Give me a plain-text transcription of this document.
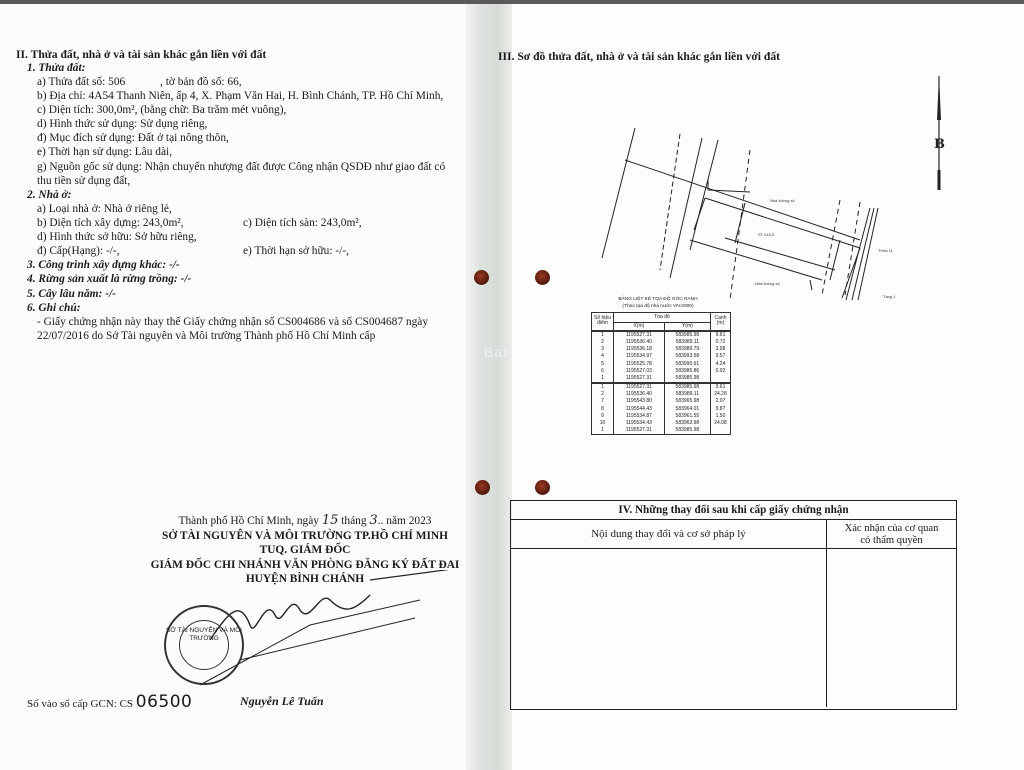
Bat
II. Thửa đất, nhà ở và tài sản khác gắn liền với đất
1. Thửa đất:
a) Thửa đất số: 506	, tờ bản đồ số: 66,
b) Địa chỉ: 4A54 Thanh Niên, ấp 4, X. Phạm Văn Hai, H. Bình Chánh, TP. Hồ Chí Minh,
c) Diện tích: 300,0m², (bằng chữ: Ba trăm mét vuông),
d) Hình thức sử dụng: Sử dụng riêng,
đ) Mục đích sử dụng: Đất ở tại nông thôn,
e) Thời hạn sử dụng: Lâu dài,
g) Nguồn gốc sử dụng: Nhận chuyển nhượng đất được Công nhận QSDĐ như giao đất có
thu tiền sử dụng đất,
2. Nhà ở:
a) Loại nhà ở: Nhà ở riêng lẻ,
b) Diện tích xây dựng: 243,0m²,	c) Diện tích sàn: 243,0m²,
d) Hình thức sở hữu: Sở hữu riêng,
đ) Cấp(Hạng): -/-,	e) Thời hạn sở hữu: -/-,
3. Công trình xây dựng khác: -/-
4. Rừng sản xuất là rừng trồng: -/-
5. Cây lâu năm: -/-
6. Ghi chú:
- Giấy chứng nhận này thay thế Giấy chứng nhận số CS004686 và số CS004687 ngày
22/07/2016 do Sở Tài nguyên và Môi trường Thành phố Hồ Chí Minh cấp
Thành phố Hồ Chí Minh, ngày 15 tháng 3.. năm 2023
SỞ TÀI NGUYÊN VÀ MÔI TRƯỜNG TP.HỒ CHÍ MINH
TUQ. GIÁM ĐỐC
GIÁM ĐỐC CHI NHÁNH VĂN PHÒNG ĐĂNG KÝ ĐẤT ĐAI
HUYỆN BÌNH CHÁNH
SỞ TÀI NGUYÊN VÀ MÔI TRƯỜNG
Số vào sổ cấp GCN: CS 06500	Nguyễn Lê Tuấn
III. Sơ đồ thửa đất, nhà ở và tài sản khác gắn liền với đất
B
Nhà không số
Nhà không số
Thửa 11
Tầng 1
ST 243,0
BẢNG LIỆT KÊ TỌA ĐỘ GÓC RANH
(Theo tọa độ nhà nước VN-2000)
Số hiệu điểm	Tọa độ		Cạnh (m)
	X(m)	Y(m)	
1	1195527.31	583985.98	9.61
2	1195536.40	583989.11	0.72
3	1195536.18	583989.79	3.98
4	1195534.97	583993.58	9.57
5	1195525.78	583990.91	4.24
6	1195527.03	583986.86	0.92
1	1195527.31	583985.98	
1	1195527.31	583985.98	9.61
2	1195536.40	583989.11	24.28
7	1195543.80	583965.98	2.07
8	1195544.43	583964.01	9.87
9	1195534.87	583961.55	1.50
10	1195534.43	583962.98	24.08
1	1195527.31	583985.98	
IV. Những thay đổi sau khi cấp giấy chứng nhận
Nội dung thay đổi và cơ sở pháp lý	Xác nhận của cơ quan
có thẩm quyền
